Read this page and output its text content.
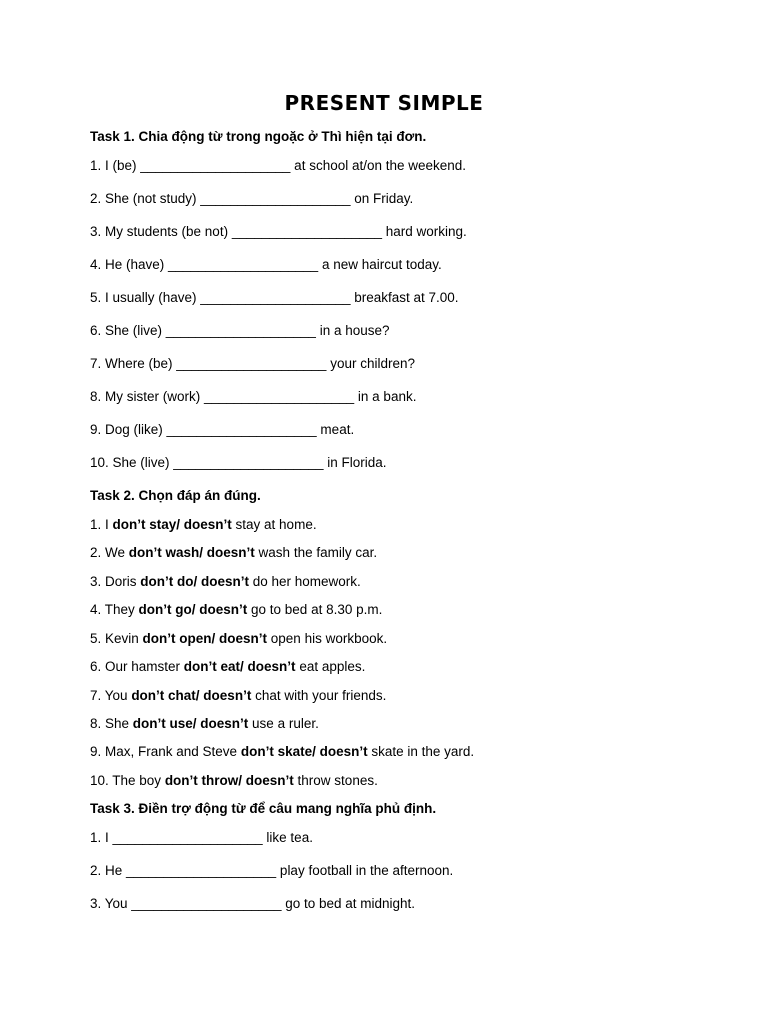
PRESENT SIMPLE
Task 1. Chia động từ trong ngoặc ở Thì hiện tại đơn.
1. I (be) ____________________ at school at/on the weekend.
2. She (not study) ____________________ on Friday.
3. My students (be not) ____________________ hard working.
4. He (have) ____________________ a new haircut today.
5. I usually (have) ____________________ breakfast at 7.00.
6. She (live) ____________________ in a house?
7. Where (be) ____________________ your children?
8. My sister (work) ____________________ in a bank.
9. Dog (like) ____________________ meat.
10. She (live) ____________________ in Florida.
Task 2. Chọn đáp án đúng.
1. I don’t stay/ doesn’t stay at home.
2. We don’t wash/ doesn’t wash the family car.
3. Doris don’t do/ doesn’t do her homework.
4. They don’t go/ doesn’t go to bed at 8.30 p.m.
5. Kevin don’t open/ doesn’t open his workbook.
6. Our hamster don’t eat/ doesn’t eat apples.
7. You don’t chat/ doesn’t chat with your friends.
8. She don’t use/ doesn’t use a ruler.
9. Max, Frank and Steve don’t skate/ doesn’t skate in the yard.
10. The boy don’t throw/ doesn’t throw stones.
Task 3. Điền trợ động từ để câu mang nghĩa phủ định.
1. I ____________________ like tea.
2. He ____________________ play football in the afternoon.
3. You ____________________ go to bed at midnight.
